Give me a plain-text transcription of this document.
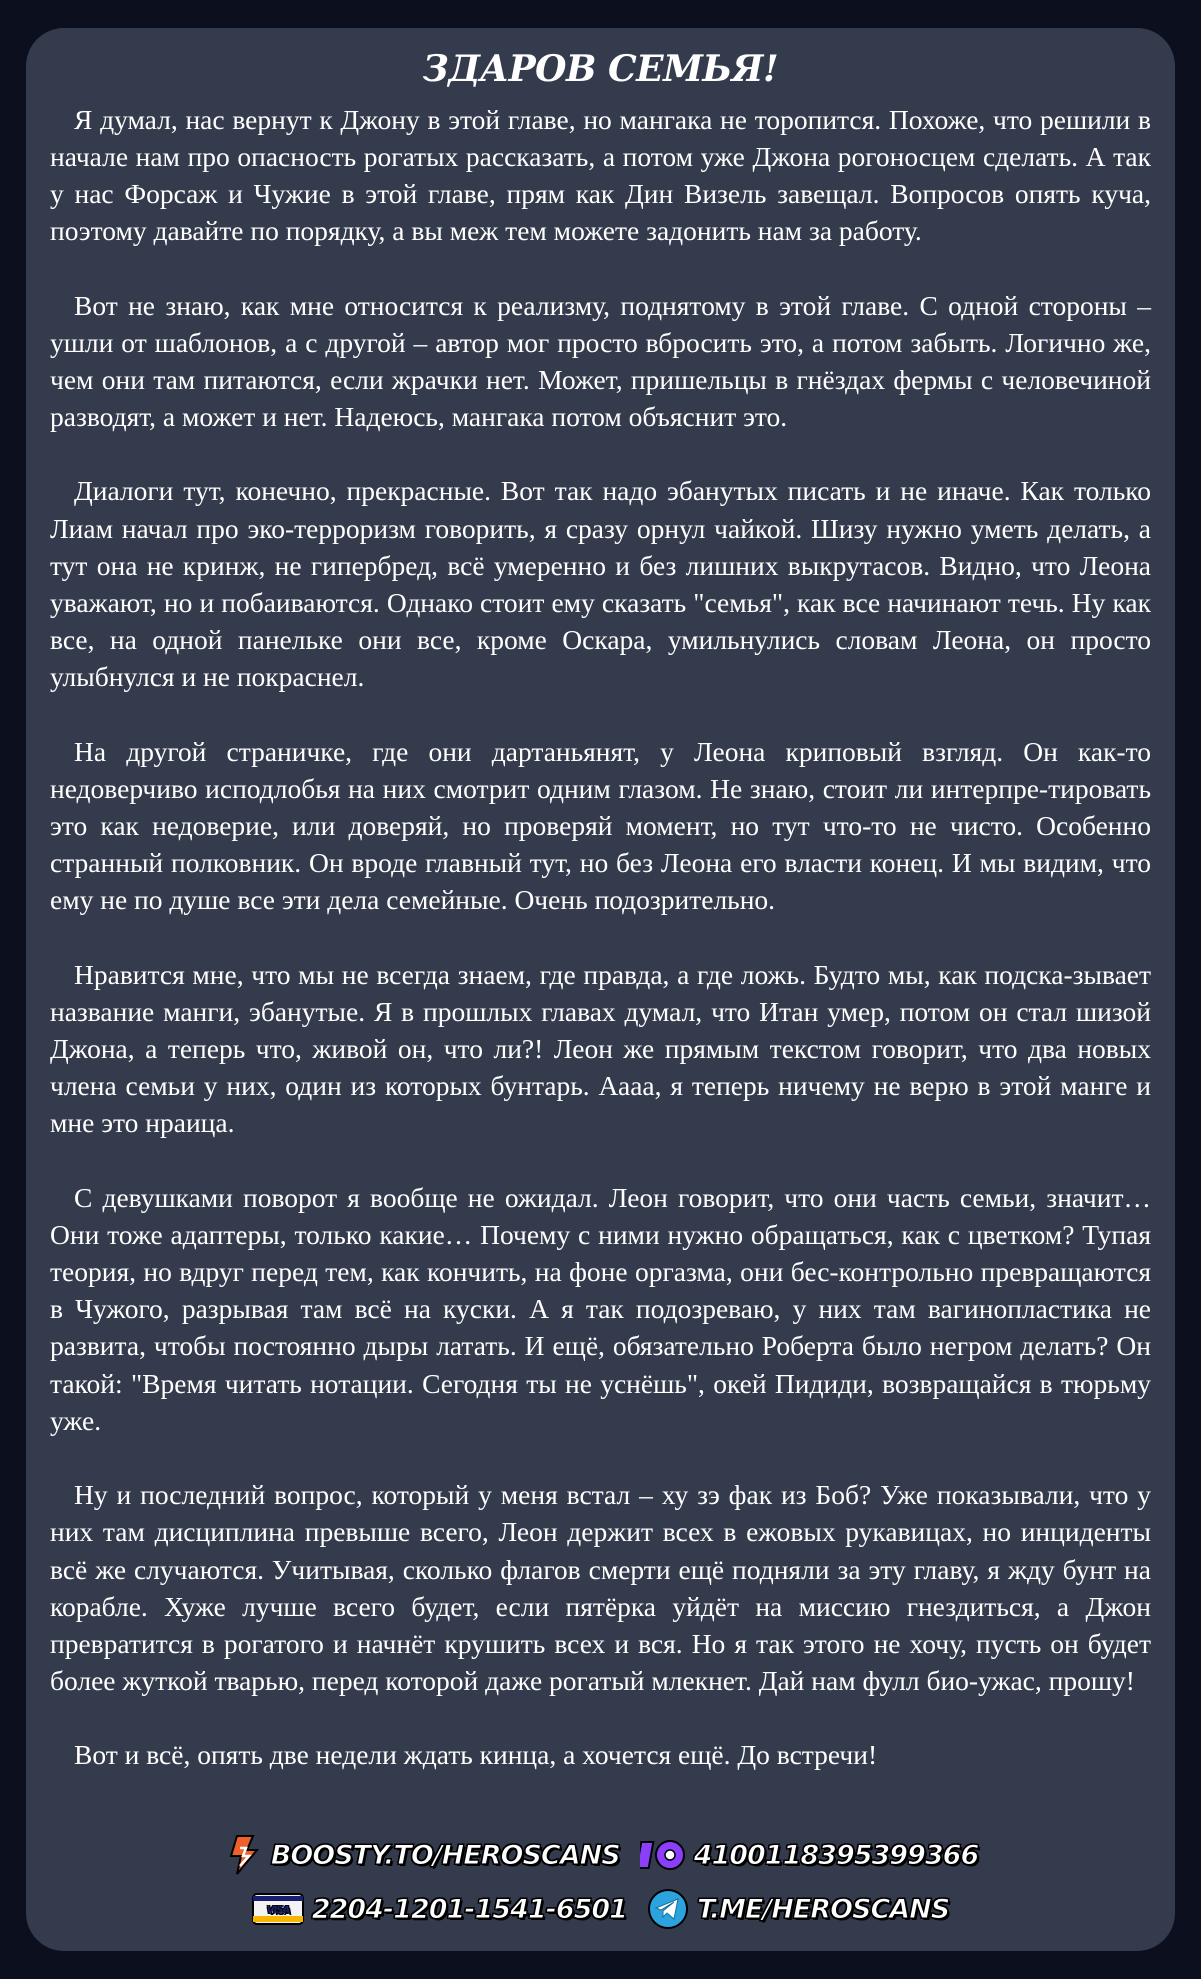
ЗДАРОВ СЕМЬЯ!

Я думал, нас вернут к Джону в этой главе, но мангака не торопится. Похоже, что решили в начале нам про опасность рогатых рассказать, а потом уже Джона рогоносцем сделать. А так у нас Форсаж и Чужие в этой главе, прям как Дин Визель завещал. Вопросов опять куча, поэтому давайте по порядку, а вы меж тем можете задонить нам за работу.

Вот не знаю, как мне относится к реализму, поднятому в этой главе. С одной стороны – ушли от шаблонов, а с другой – автор мог просто вбросить это, а потом забыть. Логично же, чем они там питаются, если жрачки нет. Может, пришельцы в гнёздах фермы с человечиной разводят, а может и нет. Надеюсь, мангака потом объяснит это.

Диалоги тут, конечно, прекрасные. Вот так надо эбанутых писать и не иначе. Как только Лиам начал про эко-терроризм говорить, я сразу орнул чайкой. Шизу нужно уметь делать, а тут она не кринж, не гипербред, всё умеренно и без лишних выкрутасов. Видно, что Леона уважают, но и побаиваются. Однако стоит ему сказать "семья", как все начинают течь. Ну как все, на одной панельке они все, кроме Оскара, умильнулись словам Леона, он просто улыбнулся и не покраснел.

На другой страничке, где они дартаньянят, у Леона криповый взгляд. Он как-то недоверчиво исподлобья на них смотрит одним глазом. Не знаю, стоит ли интерпре-тировать это как недоверие, или доверяй, но проверяй момент, но тут что-то не чисто. Особенно странный полковник. Он вроде главный тут, но без Леона его власти конец. И мы видим, что ему не по душе все эти дела семейные. Очень подозрительно.

Нравится мне, что мы не всегда знаем, где правда, а где ложь. Будто мы, как подска-зывает название манги, эбанутые. Я в прошлых главах думал, что Итан умер, потом он стал шизой Джона, а теперь что, живой он, что ли?! Леон же прямым текстом говорит, что два новых члена семьи у них, один из которых бунтарь. Аааа, я теперь ничему не верю в этой манге и мне это нраица.

С девушками поворот я вообще не ожидал. Леон говорит, что они часть семьи, значит… Они тоже адаптеры, только какие… Почему с ними нужно обращаться, как с цветком? Тупая теория, но вдруг перед тем, как кончить, на фоне оргазма, они бес-контрольно превращаются в Чужого, разрывая там всё на куски. А я так подозреваю, у них там вагинопластика не развита, чтобы постоянно дыры латать. И ещё, обязательно Роберта было негром делать? Он такой: "Время читать нотации. Сегодня ты не уснёшь", окей Пидиди, возвращайся в тюрьму уже.

Ну и последний вопрос, который у меня встал – ху зэ фак из Боб? Уже показывали, что у них там дисциплина превыше всего, Леон держит всех в ежовых рукавицах, но инциденты всё же случаются. Учитывая, сколько флагов смерти ещё подняли за эту главу, я жду бунт на корабле. Хуже лучше всего будет, если пятёрка уйдёт на миссию гнездиться, а Джон превратится в рогатого и начнёт крушить всех и вся. Но я так этого не хочу, пусть он будет более жуткой тварью, перед которой даже рогатый млекнет. Дай нам фулл био-ужас, прошу!

Вот и всё, опять две недели ждать кинца, а хочется ещё. До встречи!

BOOSTY.TO/HEROSCANS	4100118395399366
VISA 2204-1201-1541-6501	T.ME/HEROSCANS
